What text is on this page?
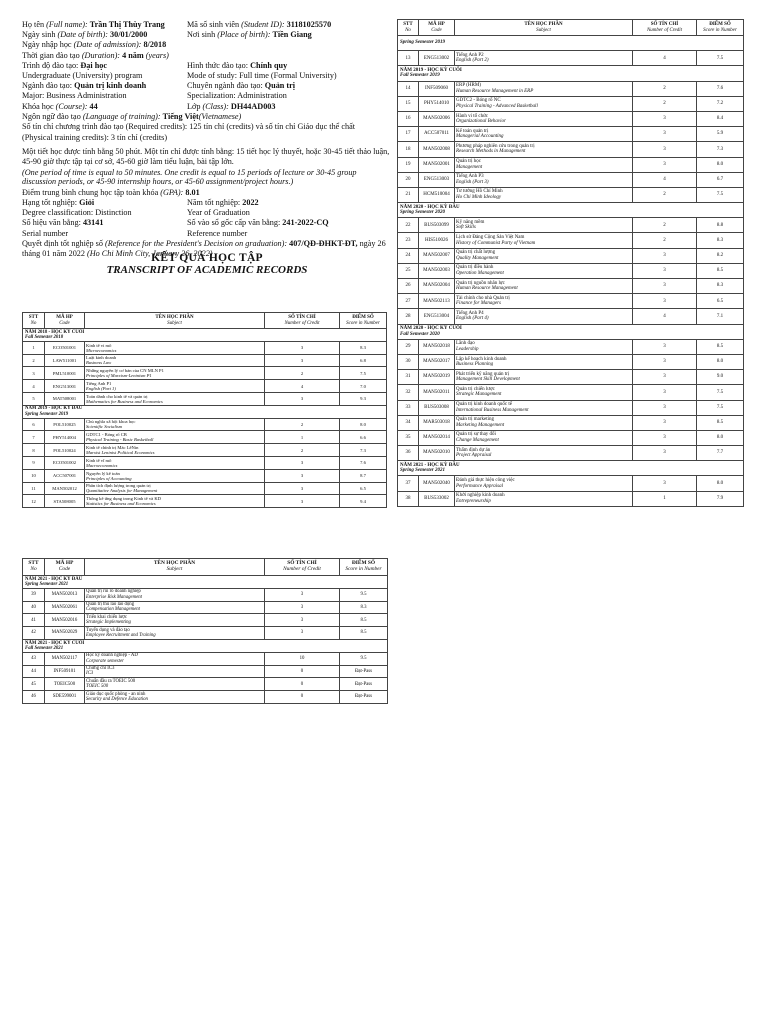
Họ tên (Full name): Trần Thị Thùy Trang	Mã số sinh viên (Student ID): 31181025570
Ngày sinh (Date of birth): 30/01/2000	Nơi sinh (Place of birth): Tiền Giang
Ngày nhập học (Date of admission): 8/2018
Thời gian đào tạo (Duration): 4 năm (years)
Trình độ đào tạo: Đại học	Hình thức đào tạo: Chính quy
Undergraduate (University) program	Mode of study: Full time (Formal University)
Ngành đào tạo: Quản trị kinh doanh	Chuyên ngành đào tạo: Quản trị
Major: Business Administration	Specialization: Administration
Khóa học (Course): 44	Lớp (Class): DH44AD003
Ngôn ngữ đào tạo (Language of training): Tiếng Việt(Vietnamese)
Số tín chỉ chương trình đào tạo (Required credits): 125 tín chỉ (credits) và số tín chỉ Giáo dục thể chất
(Physical training credits): 3 tín chỉ (credits)
Một tiết học được tính bằng 50 phút. Một tín chỉ được tính bằng: 15 tiết học lý thuyết, hoặc 30-45 tiết thảo luận, 45-90 giờ thực tập tại cơ sở, 45-60 giờ làm tiểu luận, bài tập lớn.
(One period of time is equal to 50 minutes. One credit is equal to 15 periods of lecture or 30-45 group discussion periods, or 45-90 internship hours, or 45-60 assignment/project hours.)
Điểm trung bình chung học tập toàn khóa (GPA): 8.01
Hạng tốt nghiệp: Giỏi	Năm tốt nghiệp: 2022
Degree classification: Distinction	Year of Graduation
Số hiệu văn bằng: 43141	Số vào sổ gốc cấp văn bằng: 241-2022-CQ
Serial number	Reference number
Quyết định tốt nghiệp số (Reference for the President's Decision on graduation): 407/QĐ-ĐHKT-ĐT, ngày 26 tháng 01 năm 2022 (Ho Chi Minh City, January 26, 2022)
KẾT QUẢ HỌC TẬP
TRANSCRIPT OF ACADEMIC RECORDS
STT
No	MÃ HP
Code	TÊN HỌC PHẦN
Subject	SỐ TÍN CHỈ
Number of Credit	ĐIỂM SỐ
Score in Number

NĂM 2018 - HỌC KỲ CUỐI
Fall Semester 2018				

1	ECO501001	Kinh tế vi mô
Microeconomics	3	8.3
2	LAW511001	Luật kinh doanh
Business Law	3	6.8
3	PML510001	Những nguyên lý cơ bản của CN MLN P1
Principles of Marxism-Leninism P1	2	7.5
4	ENG513001	Tiếng Anh P1
English (Part 1)	4	7.0
5	MAT508001	Toán dành cho kinh tế và quản trị
Mathematics for Business and Economics	3	9.3
NĂM 2019 - HỌC KỲ ĐẦU
Spring Semester 2019				

6	POL510025	Chủ nghĩa xã hội khoa học
Scientific Socialism	2	8.0
7	PHY514004	GDTC1 - Bóng rổ CB
Physical Training - Basic Basketball	1	6.6
8	POL510024	Kinh tế chính trị Mác LêNin
Marxist Leninist Political Economics	2	7.3
9	ECO501002	Kinh tế vĩ mô
Macroeconomics	3	7.6
10	ACC507001	Nguyên lý kế toán
Principles of Accounting	3	8.7
11	MAN502012	Phân tích định lượng trong quản trị
Quantitative Analysis for Management	3	6.5
12	STA508005	Thống kê ứng dụng trong Kinh tế và KD
Statistics for Business and Economics	3	9.4
STT
No	MÃ HP
Code	TÊN HỌC PHẦN
Subject	SỐ TÍN CHỈ
Number of Credit	ĐIỂM SỐ
Score in Number

Spring Semester 2019				

13	ENG513002	Tiếng Anh P2
English (Part 2)	4	7.5
NĂM 2019 - HỌC KỲ CUỐI
Fall Semester 2019				

14	INF509060	ERP (HRM)
Human Resource Management in ERP	2	7.6
15	PHY514010	GDTC2 - Bóng rổ NC
Physical Training - Advanced Basketball	2	7.2
16	MAN502006	Hành vi tổ chức
Organizational Behavior	3	8.4
17	ACC507011	Kế toán quản trị
Managerial Accounting	3	5.9
18	MAN502008	Phương pháp nghiên cứu trong quản trị
Research Methods in Management	3	7.3
19	MAN502001	Quản trị học
Management	3	8.0
20	ENG513003	Tiếng Anh P3
English (Part 3)	4	6.7
21	HCM510004	Tư tưởng Hồ Chí Minh
Ho Chi Minh Ideology	2	7.5
NĂM 2020 - HỌC KỲ ĐẦU
Spring Semester 2020				

22	BUS503099	Kỹ năng mềm
Soft Skills	2	8.8
23	HIS510026	Lịch sử Đảng Cộng Sản Việt Nam
History of Communist Party of Vietnam	2	8.3
24	MAN502007	Quản trị chất lượng
Quality Management	3	8.2
25	MAN502003	Quản trị điều hành
Operation Management	3	8.5
26	MAN502004	Quản trị nguồn nhân lực
Human Resource Management	3	8.3
27	MAN502113	Tài chính cho nhà Quản trị
Finance for Managers	3	6.5
28	ENG513004	Tiếng Anh P4
English (Part 4)	4	7.1
NĂM 2020 - HỌC KỲ CUỐI
Fall Semester 2020				

29	MAN502018	Lãnh đạo
Leadership	3	8.5
30	MAN502017	Lập kế hoạch kinh doanh
Business Planning	3	8.0
31	MAN502019	Phát triển kỹ năng quản trị
Management Skill Development	3	9.0
32	MAN502011	Quản trị chiến lược
Strategic Management	3	7.5
33	BUS503008	Quản trị kinh doanh quốc tế
International Business Management	3	7.5
34	MAR503018	Quản trị marketing
Marketing Management	3	8.5
35	MAN502014	Quản trị sự thay đổi
Change Management	3	8.0
36	MAN502010	Thẩm định dự án
Project Appraisal	3	7.7
NĂM 2021 - HỌC KỲ ĐẦU
Spring Semester 2021				

37	MAN502040	Đánh giá thực hiện công việc
Performance Appraisal	3	8.0
38	BUS533002	Khởi nghiệp kinh doanh
Entrepreneurship	1	7.9
STT
No	MÃ HP
Code	TÊN HỌC PHẦN
Subject	SỐ TÍN CHỈ
Number of Credit	ĐIỂM SỐ
Score in Number

NĂM 2021 - HỌC KỲ ĐẦU
Spring Semester 2021				

39	MAN502013	Quản trị rủi ro doanh nghiệp
Enterprise Risk Management	3	9.5
40	MAN502061	Quản trị thù lao lao động
Compensation Management	3	8.3
41	MAN502016	Triển khai chiến lược
Strategic Implementing	3	8.5
42	MAN502029	Tuyển dụng và đào tạo
Employee Recruitment and Training	3	8.5
NĂM 2021 - HỌC KỲ CUỐI
Fall Semester 2021				

43	MAN502117	Học kỳ doanh nghiệp - AD
Corporate semester	10	9.5
44	INF509101	Chứng chỉ IC3
IC3	0	Đạt-Pass
45	TOEIC500	Chuẩn đầu ra TOEIC 500
TOEIC 500	0	Đạt-Pass
46	SDE599001	Giáo dục quốc phòng - an ninh
Security and Defence Education	0	Đạt-Pass
